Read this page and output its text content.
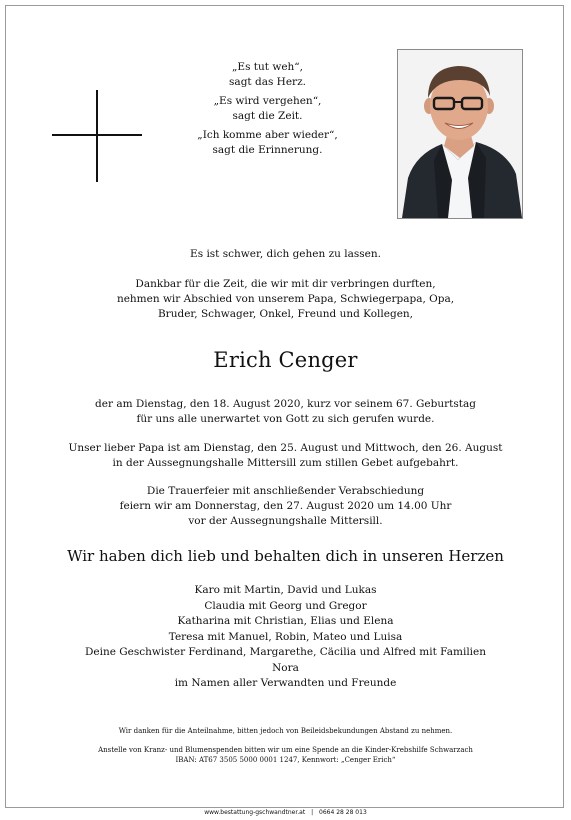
„Es tut weh“,
sagt das Herz.
„Es wird vergehen“,
sagt die Zeit.
„Ich komme aber wieder“,
sagt die Erinnerung.
Es ist schwer, dich gehen zu lassen.
Dankbar für die Zeit, die wir mit dir verbringen durften,
nehmen wir Abschied von unserem Papa, Schwiegerpapa, Opa,
Bruder, Schwager, Onkel, Freund und Kollegen,
Erich Cenger
der am Dienstag, den 18. August 2020, kurz vor seinem 67. Geburtstag
für uns alle unerwartet von Gott zu sich gerufen wurde.
Unser lieber Papa ist am Dienstag, den 25. August und Mittwoch, den 26. August
in der Aussegnungshalle Mittersill zum stillen Gebet aufgebahrt.
Die Trauerfeier mit anschließender Verabschiedung
feiern wir am Donnerstag, den 27. August 2020 um 14.00 Uhr
vor der Aussegnungshalle Mittersill.
Wir haben dich lieb und behalten dich in unseren Herzen
Karo mit Martin, David und Lukas
Claudia mit Georg und Gregor
Katharina mit Christian, Elias und Elena
Teresa mit Manuel, Robin, Mateo und Luisa
Deine Geschwister Ferdinand, Margarethe, Cäcilia und Alfred mit Familien
Nora
im Namen aller Verwandten und Freunde
Wir danken für die Anteilnahme, bitten jedoch von Beileidsbekundungen Abstand zu nehmen.
Anstelle von Kranz- und Blumenspenden bitten wir um eine Spende an die Kinder-Krebshilfe Schwarzach
IBAN: AT67 3505 5000 0001 1247, Kennwort: „Cenger Erich“
www.bestattung-gschwandtner.at | 0664 28 28 013
